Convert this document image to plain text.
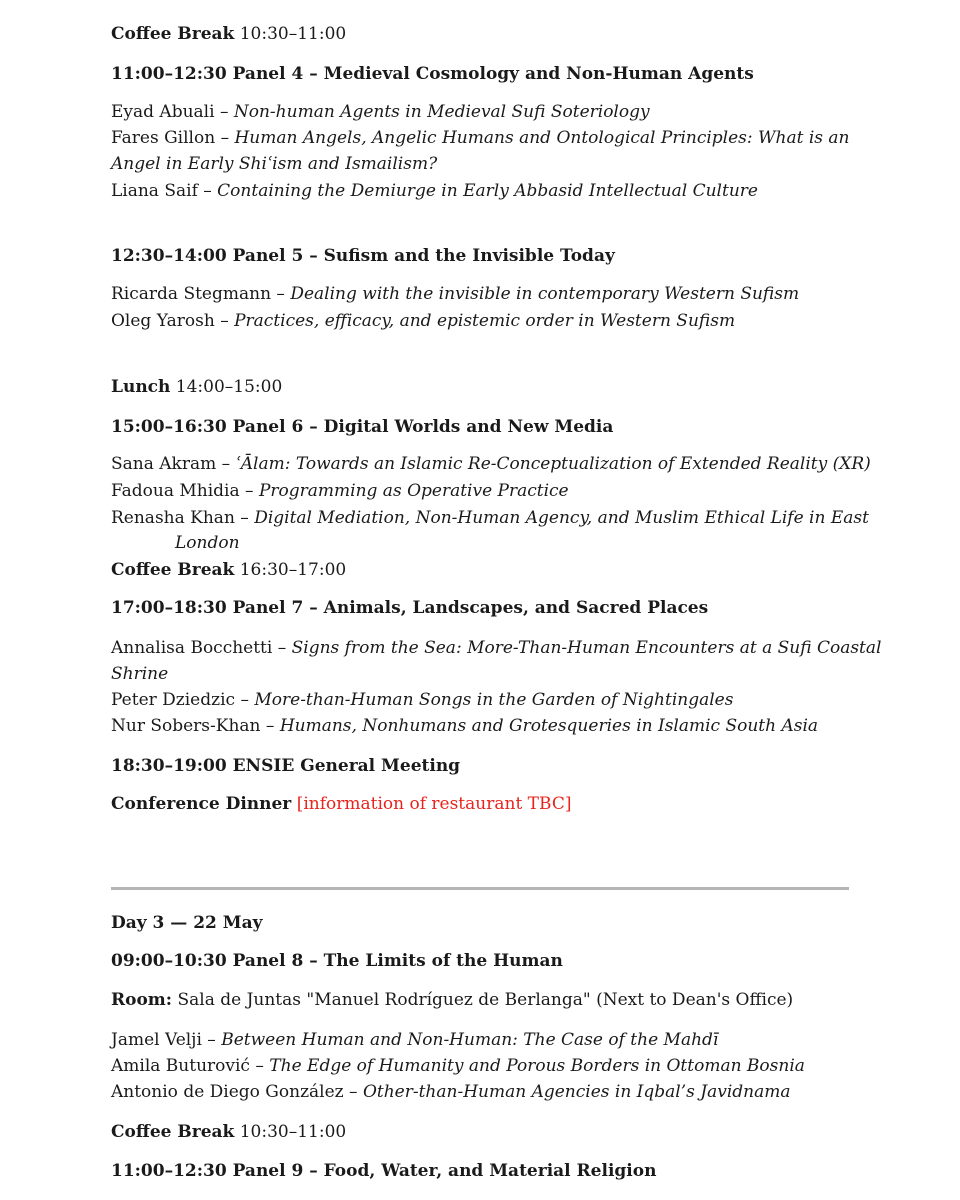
Coffee Break 10:30–11:00
11:00–12:30 Panel 4 – Medieval Cosmology and Non-Human Agents
Eyad Abuali – Non-human Agents in Medieval Sufi Soteriology
Fares Gillon – Human Angels, Angelic Humans and Ontological Principles: What is an
Angel in Early Shiʿism and Ismailism?
Liana Saif – Containing the Demiurge in Early Abbasid Intellectual Culture
12:30–14:00 Panel 5 – Sufism and the Invisible Today
Ricarda Stegmann – Dealing with the invisible in contemporary Western Sufism
Oleg Yarosh – Practices, efficacy, and epistemic order in Western Sufism
Lunch 14:00–15:00
15:00–16:30 Panel 6 – Digital Worlds and New Media
Sana Akram – ʿĀlam: Towards an Islamic Re-Conceptualization of Extended Reality (XR)
Fadoua Mhidia – Programming as Operative Practice
Renasha Khan – Digital Mediation, Non-Human Agency, and Muslim Ethical Life in East
London
Coffee Break 16:30–17:00
17:00–18:30 Panel 7 – Animals, Landscapes, and Sacred Places
Annalisa Bocchetti – Signs from the Sea: More-Than-Human Encounters at a Sufi Coastal
Shrine
Peter Dziedzic – More-than-Human Songs in the Garden of Nightingales
Nur Sobers-Khan – Humans, Nonhumans and Grotesqueries in Islamic South Asia
18:30–19:00 ENSIE General Meeting
Conference Dinner [information of restaurant TBC]
Day 3 — 22 May
09:00–10:30 Panel 8 – The Limits of the Human
Room: Sala de Juntas "Manuel Rodríguez de Berlanga" (Next to Dean's Office)
Jamel Velji – Between Human and Non-Human: The Case of the Mahdī
Amila Buturović – The Edge of Humanity and Porous Borders in Ottoman Bosnia
Antonio de Diego González – Other-than-Human Agencies in Iqbal’s Javidnama
Coffee Break 10:30–11:00
11:00–12:30 Panel 9 – Food, Water, and Material Religion
